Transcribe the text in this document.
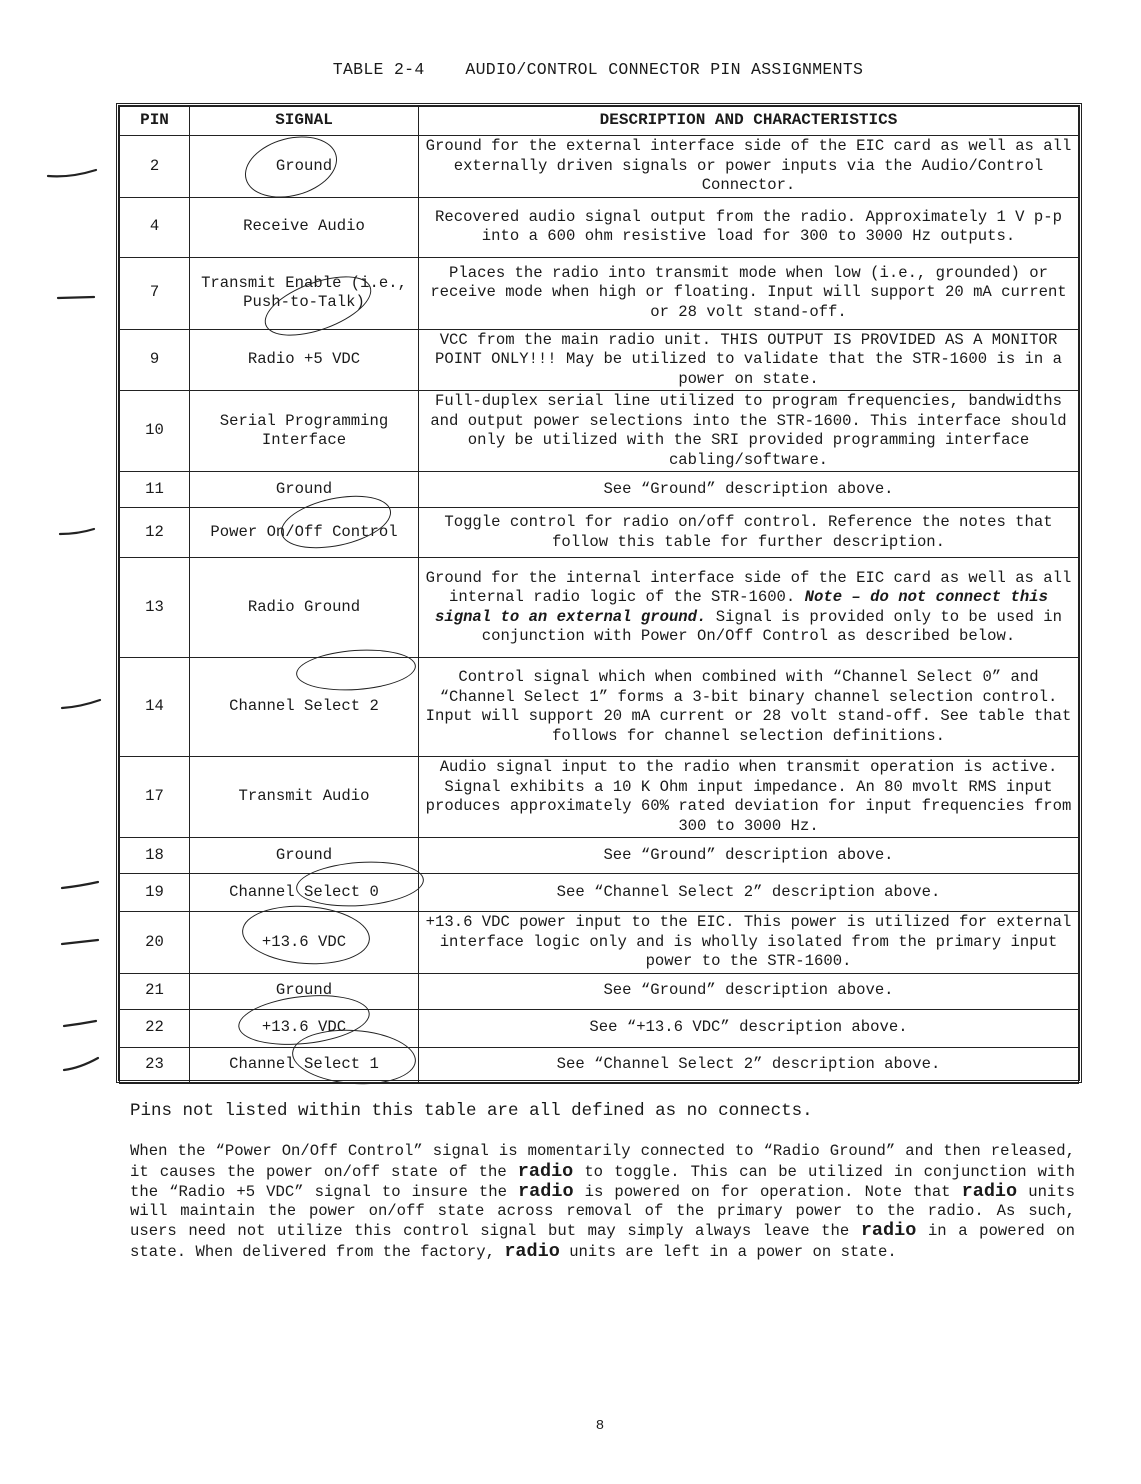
TABLE 2-4    AUDIO/CONTROL CONNECTOR PIN ASSIGNMENTS
PIN	SIGNAL	DESCRIPTION AND CHARACTERISTICS
2	Ground	Ground for the external interface side of the EIC card as well as all externally driven signals or power inputs via the Audio/Control Connector.
4	Receive Audio	Recovered audio signal output from the radio. Approximately 1 V p-p into a 600 ohm resistive load for 300 to 3000 Hz outputs.
7	Transmit Enable (i.e., Push-to-Talk)	Places the radio into transmit mode when low (i.e., grounded) or receive mode when high or floating. Input will support 20 mA current or 28 volt stand-off.
9	Radio +5 VDC	VCC from the main radio unit. THIS OUTPUT IS PROVIDED AS A MONITOR POINT ONLY!!! May be utilized to validate that the STR-1600 is in a power on state.
10	Serial Programming Interface	Full-duplex serial line utilized to program frequencies, bandwidths and output power selections into the STR-1600. This interface should only be utilized with the SRI provided programming interface cabling/software.
11	Ground	See “Ground” description above.
12	Power On/Off Control	Toggle control for radio on/off control. Reference the notes that follow this table for further description.
13	Radio Ground	Ground for the internal interface side of the EIC card as well as all internal radio logic of the STR-1600. Note – do not connect this signal to an external ground. Signal is provided only to be used in conjunction with Power On/Off Control as described below.
14	Channel Select 2	Control signal which when combined with “Channel Select 0” and “Channel Select 1” forms a 3-bit binary channel selection control. Input will support 20 mA current or 28 volt stand-off. See table that follows for channel selection definitions.
17	Transmit Audio	Audio signal input to the radio when transmit operation is active. Signal exhibits a 10 K Ohm input impedance. An 80 mvolt RMS input produces approximately 60% rated deviation for input frequencies from 300 to 3000 Hz.
18	Ground	See “Ground” description above.
19	Channel Select 0	See “Channel Select 2” description above.
20	+13.6 VDC	+13.6 VDC power input to the EIC. This power is utilized for external interface logic only and is wholly isolated from the primary input power to the STR-1600.
21	Ground	See “Ground” description above.
22	+13.6 VDC	See “+13.6 VDC” description above.
23	Channel Select 1	See “Channel Select 2” description above.

Pins not listed within this table are all defined as no connects.

When the “Power On/Off Control” signal is momentarily connected to “Radio Ground” and then released, it causes the power on/off state of the radio to toggle. This can be utilized in conjunction with the “Radio +5 VDC” signal to insure the radio is powered on for operation. Note that radio units will maintain the power on/off state across removal of the primary power to the radio. As such, users need not utilize this control signal but may simply always leave the radio in a powered on state. When delivered from the factory, radio units are left in a power on state.

8
